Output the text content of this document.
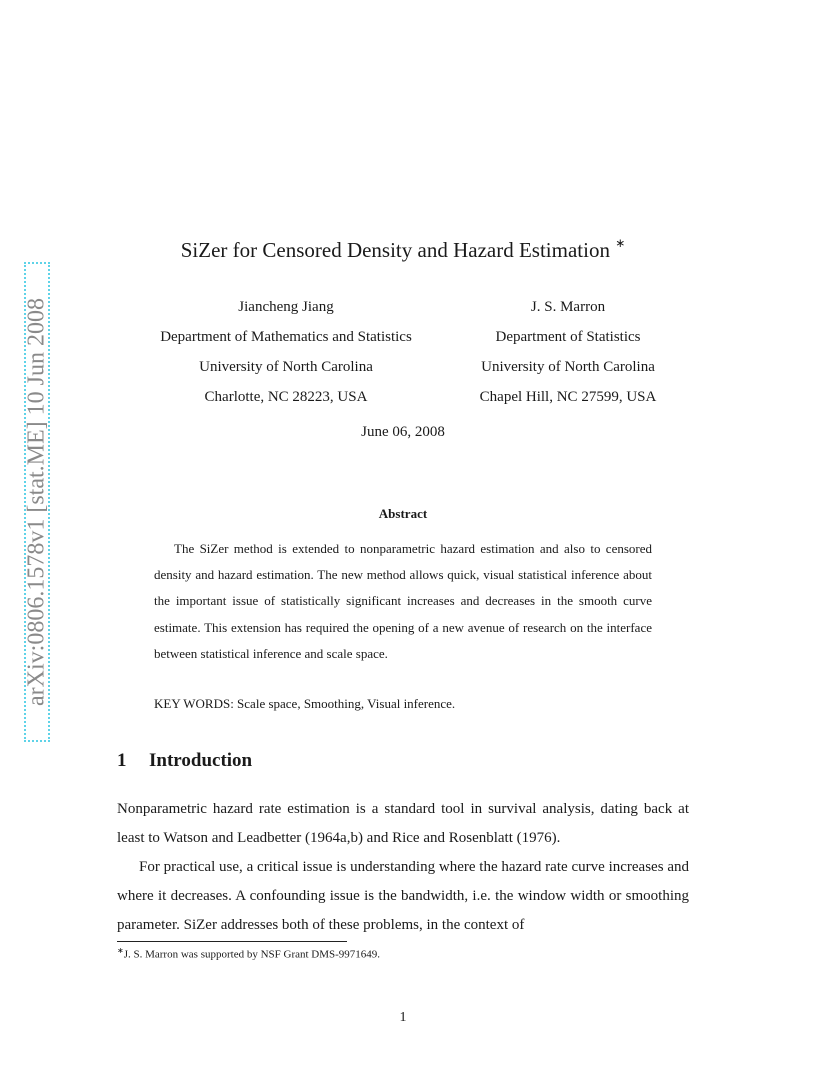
arXiv:0806.1578v1 [stat.ME] 10 Jun 2008
SiZer for Censored Density and Hazard Estimation ∗
Jiancheng Jiang
Department of Mathematics and Statistics
University of North Carolina
Charlotte, NC 28223, USA
J. S. Marron
Department of Statistics
University of North Carolina
Chapel Hill, NC 27599, USA
June 06, 2008
Abstract

The SiZer method is extended to nonparametric hazard estimation and also to censored density and hazard estimation. The new method allows quick, visual statistical inference about the important issue of statistically significant increases and decreases in the smooth curve estimate. This extension has required the opening of a new avenue of research on the interface between statistical inference and scale space.

KEY WORDS: Scale space, Smoothing, Visual inference.
1 Introduction

Nonparametric hazard rate estimation is a standard tool in survival analysis, dating back at least to Watson and Leadbetter (1964a,b) and Rice and Rosenblatt (1976).

For practical use, a critical issue is understanding where the hazard rate curve increases and where it decreases. A confounding issue is the bandwidth, i.e. the window width or smoothing parameter. SiZer addresses both of these problems, in the context of

∗J. S. Marron was supported by NSF Grant DMS-9971649.
1
